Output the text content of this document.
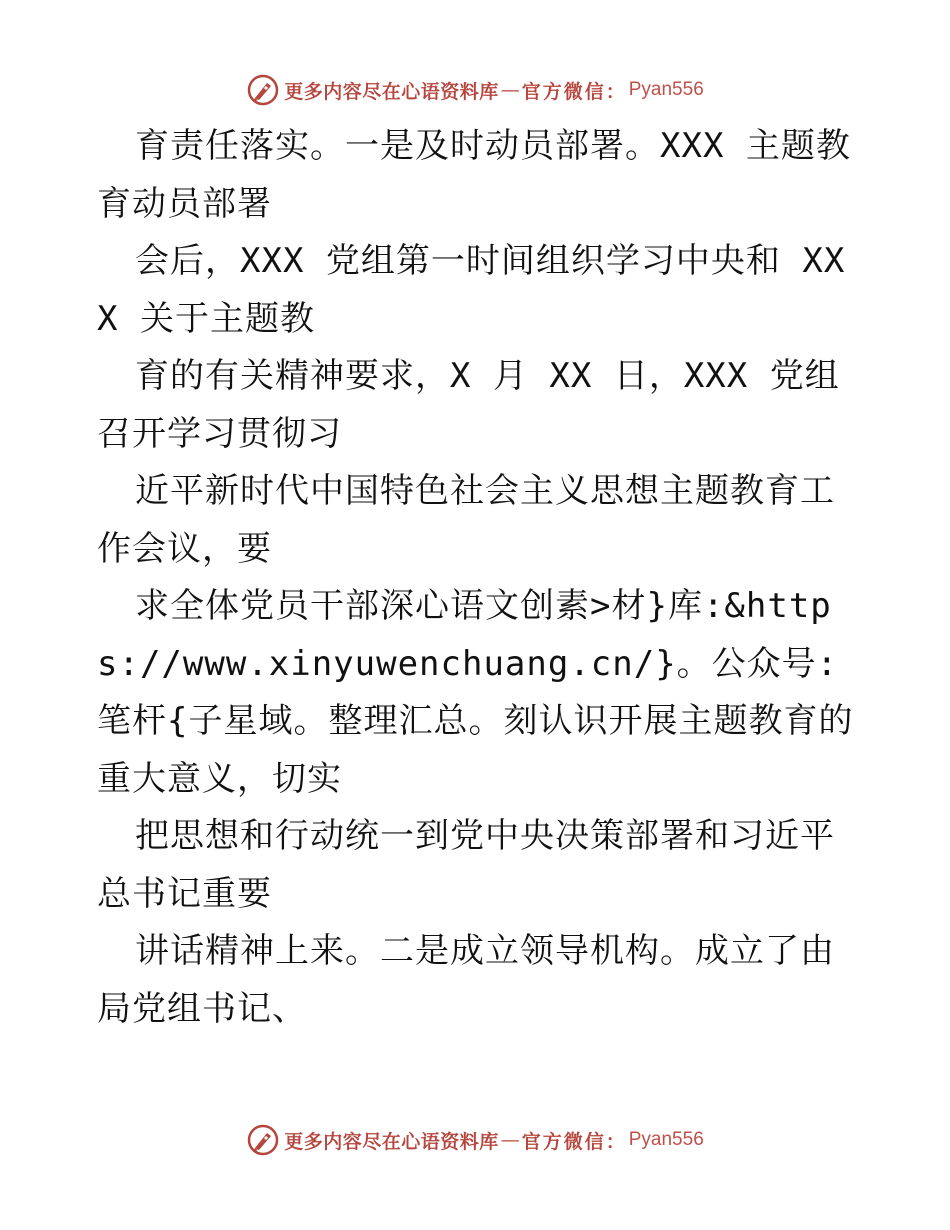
更多内容尽在心语资料库 — 官方微信： Pyan556
育责任落实。一是及时动员部署。XXX 主题教育动员部署
会后，XXX 党组第一时间组织学习中央和 XXX 关于主题教
育的有关精神要求，X 月 XX 日，XXX 党组召开学习贯彻习
近平新时代中国特色社会主义思想主题教育工作会议，要
求全体党员干部深心语文创素>材}库:&https://www.xinyuwenchuang.cn/}。公众号: 笔杆{子星域。整理汇总。刻认识开展主题教育的重大意义，切实
把思想和行动统一到党中央决策部署和习近平总书记重要
讲话精神上来。二是成立领导机构。成立了由局党组书记、
更多内容尽在心语资料库 — 官方微信： Pyan556
